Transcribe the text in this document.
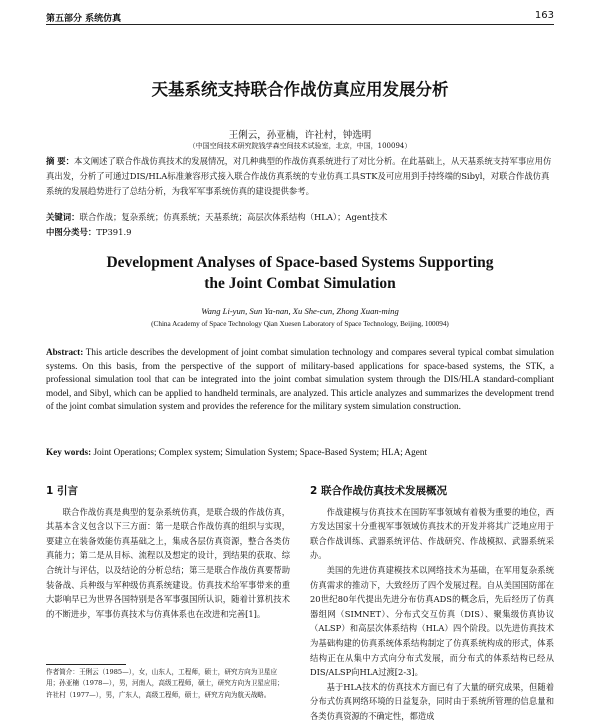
第五部分 系统仿真	163
天基系统支持联合作战仿真应用发展分析
王俐云，孙亚楠，许社村，钟选明
（中国空间技术研究院钱学森空间技术试验室，北京，中国，100094）
摘 要：本文阐述了联合作战仿真技术的发展情况，对几种典型的作战仿真系统进行了对比分析。在此基础上，从天基系统支持军事应用仿真出发，分析了可通过DIS/HLA标准兼容形式接入联合作战仿真系统的专业仿真工具STK及可应用到手持终端的Sibyl，对联合作战仿真系统的发展趋势进行了总结分析，为我军军事系统仿真的建设提供参考。
关键词：联合作战；复杂系统；仿真系统；天基系统；高层次体系结构（HLA）；Agent技术
中图分类号：TP391.9
Development Analyses of Space-based Systems Supporting
the Joint Combat Simulation
Wang Li-yun, Sun Ya-nan, Xu She-cun, Zhong Xuan-ming
(China Academy of Space Technology Qian Xuesen Laboratory of Space Technology, Beijing, 100094)
Abstract: This article describes the development of joint combat simulation technology and compares several typical combat simulation systems. On this basis, from the perspective of the support of military-based applications for space-based systems, the STK, a professional simulation tool that can be integrated into the joint combat simulation system through the DIS/HLA standard-compliant model, and Sibyl, which can be applied to handheld terminals, are analyzed. This article analyzes and summarizes the development trend of the joint combat simulation system and provides the reference for the military system simulation construction.
Key words: Joint Operations; Complex system; Simulation System; Space-Based System; HLA; Agent
1 引言

联合作战仿真是典型的复杂系统仿真，是联合级的作战仿真，其基本含义包含以下三方面：第一是联合作战仿真的组织与实现，要建立在装备效能仿真基础之上，集成各层仿真资源，整合各类仿真能力；第二是从目标、流程以及想定的设计，到结果的获取、综合统计与评估，以及结论的分析总结；第三是联合作战仿真要帮助装备战、兵种级与军种级仿真系统建设。仿真技术给军事带来的重大影响早已为世界各国特别是各军事强国所认识，随着计算机技术的不断进步，军事仿真技术与仿真体系也在改进和完善[1]。

作者简介：王俐云（1985—），女，山东人，工程师，硕士，研究方向为卫星应用；孙亚楠（1978—），男，河南人，高级工程师，硕士，研究方向为卫星应用；许社村（1977—），男，广东人，高级工程师，硕士，研究方向为航天战略。
2 联合作战仿真技术发展概况

作战建模与仿真技术在国防军事领域有着极为重要的地位，西方发达国家十分重视军事领域仿真技术的开发并将其广泛地应用于联合作战训练、武器系统评估、作战研究、作战模拟、武器系统采办。

美国的先进仿真建模技术以网络技术为基础，在军用复杂系统仿真需求的推动下，大致经历了四个发展过程。自从美国国防部在20世纪80年代提出先进分布仿真ADS的概念后，先后经历了仿真器组网（SIMNET）、分布式交互仿真（DIS）、聚集级仿真协议（ALSP）和高层次体系结构（HLA）四个阶段。以先进仿真技术为基础构建的仿真系统体系结构制定了仿真系统构成的形式，体系结构正在从集中方式向分布式发展，而分布式的体系结构已经从DIS/ALSP向HLA过渡[2-3]。

基于HLA技术的仿真技术方面已有了大量的研究成果，但随着分布式仿真网络环境的日益复杂，同时由于系统所管理的信息量和各类仿真资源的不确定性，都造成
